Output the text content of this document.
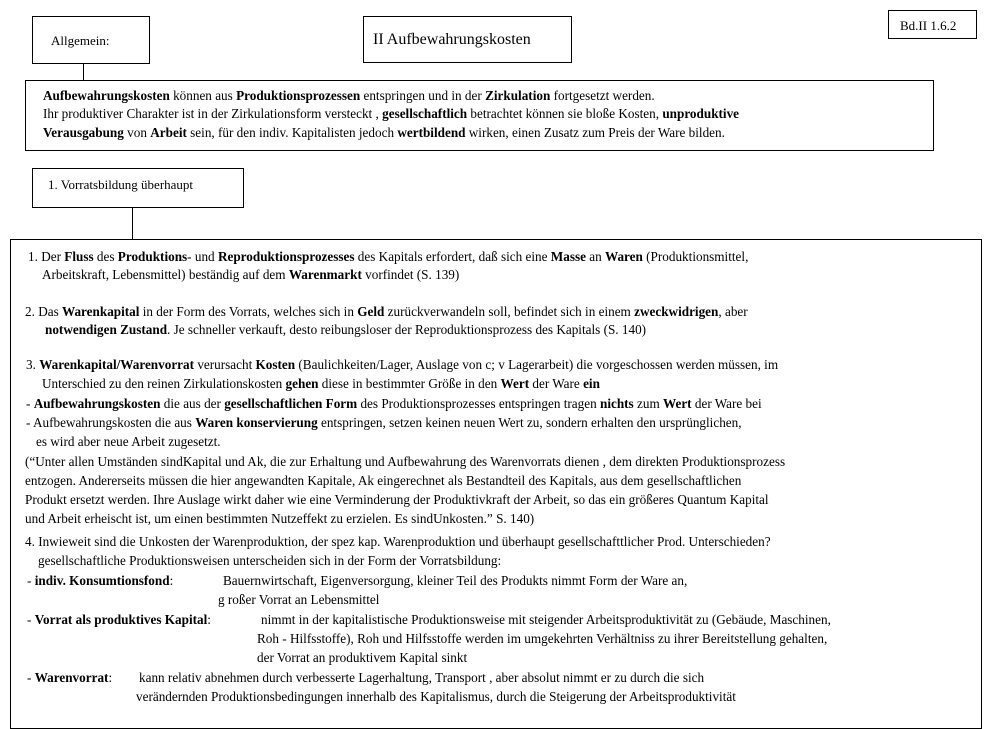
Allgemein:	II Aufbewahrungskosten
Bd.II 1.6.2
Aufbewahrungskosten können aus Produktionsprozessen entspringen und in der Zirkulation fortgesetzt werden.
Ihr produktiver Charakter ist in der Zirkulationsform versteckt , gesellschaftlich betrachtet können sie bloße Kosten, unproduktive
Verausgabung von Arbeit sein, für den indiv. Kapitalisten jedoch wertbildend wirken, einen Zusatz zum Preis der Ware bilden.
1. Vorratsbildung überhaupt
1. Der Fluss des Produktions- und Reproduktionsprozesses des Kapitals erfordert, daß sich eine Masse an Waren (Produktionsmittel,
Arbeitskraft, Lebensmittel) beständig auf dem Warenmarkt vorfindet (S. 139)
2. Das Warenkapital in der Form des Vorrats, welches sich in Geld zurückverwandeln soll, befindet sich in einem zweckwidrigen, aber
notwendigen Zustand. Je schneller verkauft, desto reibungsloser der Reproduktionsprozess des Kapitals (S. 140)
3. Warenkapital/Warenvorrat verursacht Kosten (Baulichkeiten/Lager, Auslage von c; v Lagerarbeit) die vorgeschossen werden müssen, im
Unterschied zu den reinen Zirkulationskosten gehen diese in bestimmter Größe in den Wert der Ware ein
- Aufbewahrungskosten die aus der gesellschaftlichen Form des Produktionsprozesses entspringen tragen nichts zum Wert der Ware bei
- Aufbewahrungskosten die aus Waren konservierung entspringen, setzen keinen neuen Wert zu, sondern erhalten den ursprünglichen,
es wird aber neue Arbeit zugesetzt.
(“Unter allen Umständen sindKapital und Ak, die zur Erhaltung und Aufbewahrung des Warenvorrats dienen , dem direkten Produktionsprozess
entzogen. Andererseits müssen die hier angewandten Kapitale, Ak eingerechnet als Bestandteil des Kapitals, aus dem gesellschaftlichen
Produkt ersetzt werden. Ihre Auslage wirkt daher wie eine Verminderung der Produktivkraft der Arbeit, so das ein größeres Quantum Kapital
und Arbeit erheischt ist, um einen bestimmten Nutzeffekt zu erzielen. Es sindUnkosten.” S. 140)
4. Inwieweit sind die Unkosten der Warenproduktion, der spez kap. Warenproduktion und überhaupt gesellschafttlicher Prod. Unterschieden?
gesellschaftliche Produktionsweisen unterscheiden sich in der Form der Vorratsbildung:
- indiv. Konsumtionsfond:	Bauernwirtschaft, Eigenversorgung, kleiner Teil des Produkts nimmt Form der Ware an,
g roßer Vorrat an Lebensmittel
- Vorrat als produktives Kapital:	nimmt in der kapitalistische Produktionsweise mit steigender Arbeitsproduktivität zu (Gebäude, Maschinen,
Roh - Hilfsstoffe), Roh und Hilfsstoffe werden im umgekehrten Verhältniss zu ihrer Bereitstellung gehalten,
der Vorrat an produktivem Kapital sinkt
- Warenvorrat: kann relativ abnehmen durch verbesserte Lagerhaltung, Transport , aber absolut nimmt er zu durch die sich
verändernden Produktionsbedingungen innerhalb des Kapitalismus, durch die Steigerung der Arbeitsproduktivität
